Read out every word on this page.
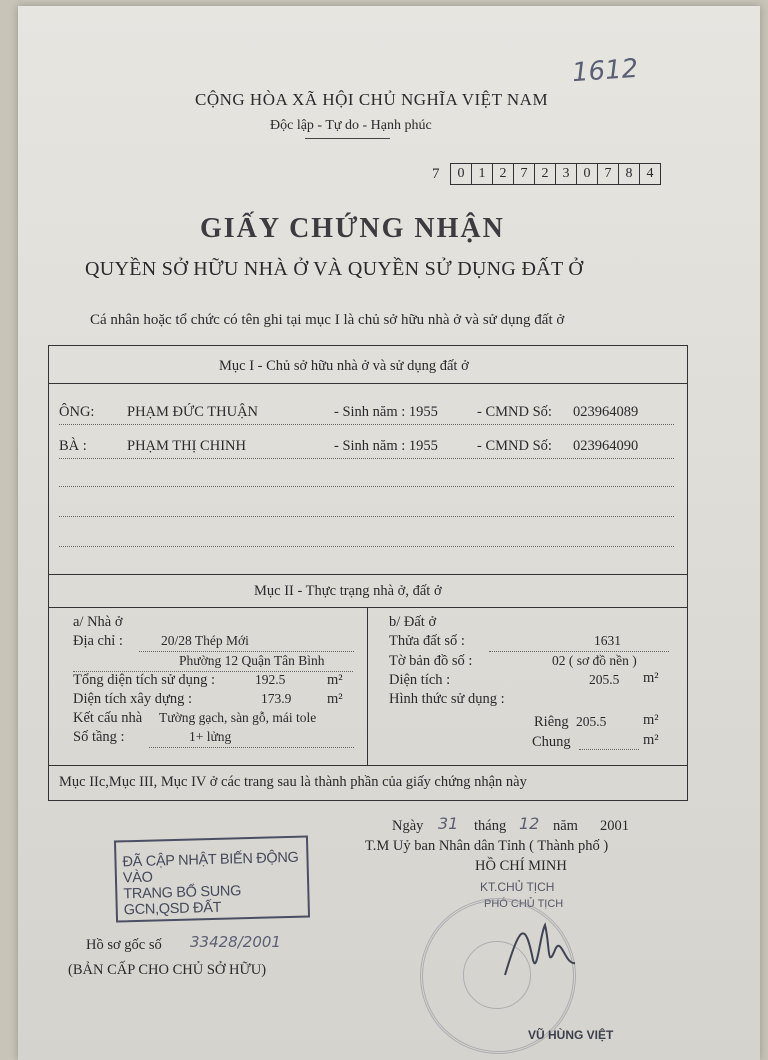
1612
CỘNG HÒA XÃ HỘI CHỦ NGHĨA VIỆT NAM
Độc lập - Tự do - Hạnh phúc
7	0	1	2	7	2	3	0	7	8	4
GIẤY CHỨNG NHẬN
QUYỀN SỞ HỮU NHÀ Ở VÀ QUYỀN SỬ DỤNG ĐẤT Ở
Cá nhân hoặc tổ chức có tên ghi tại mục I là chủ sở hữu nhà ở và sử dụng đất ở
Mục I - Chủ sở hữu nhà ở và sử dụng đất ở
ÔNG: PHẠM ĐỨC THUẬN	- Sinh năm : 1955	- CMND Số: 023964089
BÀ :	PHẠM THỊ CHINH	- Sinh năm : 1955	- CMND Số: 023964090
Mục II - Thực trạng nhà ở, đất ở
a/ Nhà ở
Địa chỉ :	20/28 Thép Mới
Phường 12 Quận Tân Bình
Tổng diện tích sử dụng :	192.5	m²
Diện tích xây dựng :	173.9 m²
Kết cấu nhà Tường gạch, sàn gỗ, mái tole
Số tầng :	1+ lửng
b/ Đất ở
Thửa đất số :	1631
Tờ bản đồ số :	02 ( sơ đồ nền )
Diện tích :	205.5 m²
Hình thức sử dụng :
Riêng 205.5	m²
Chung	m²
Mục IIc,Mục III, Mục IV ở các trang sau là thành phần của giấy chứng nhận này
Ngày 31 tháng 12 năm 2001
T.M Uỷ ban Nhân dân Tỉnh ( Thành phố )
HỒ CHÍ MINH
KT.CHỦ TỊCH
PHÓ CHỦ TỊCH
VŨ HÙNG VIỆT
ĐÃ CẬP NHẬT BIẾN ĐỘNG VÀO
TRANG BỔ SUNG GCN,QSD ĐẤT
Hồ sơ gốc số 33428/2001
(BẢN CẤP CHO CHỦ SỞ HỮU)
